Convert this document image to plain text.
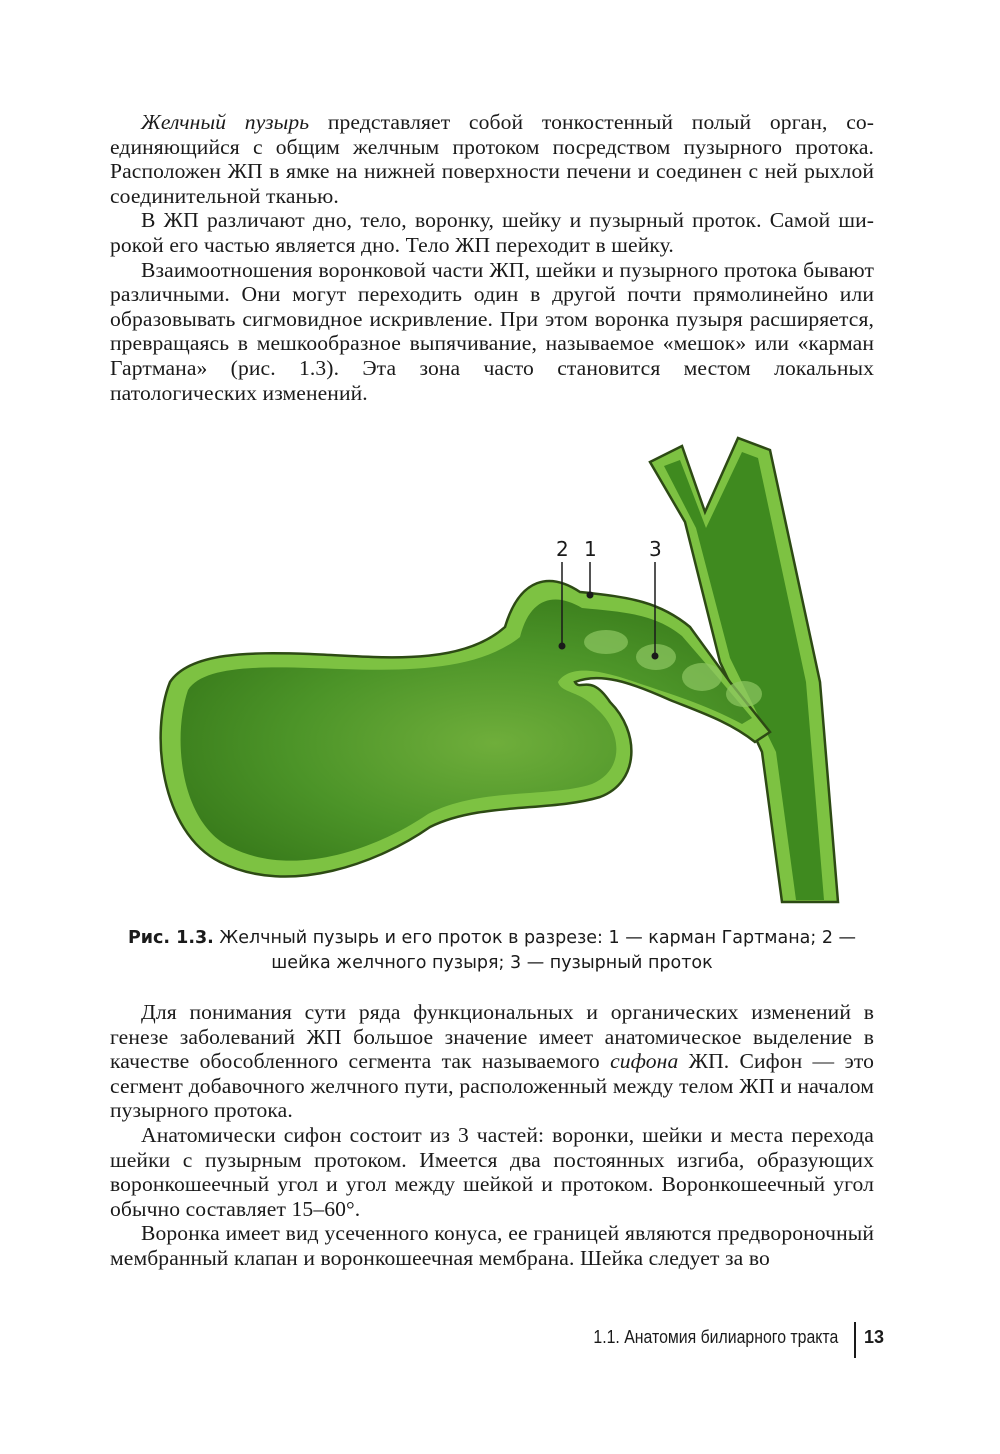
Желчный пузырь представляет собой тонкостенный полый орган, соединяющийся с общим желчным протоком посредством пузырного протока. Расположен ЖП в ямке на нижней поверхности печени и соединен с ней рыхлой соединительной тканью.

В ЖП различают дно, тело, воронку, шейку и пузырный проток. Самой широкой его частью является дно. Тело ЖП переходит в шейку.

Взаимоотношения воронковой части ЖП, шейки и пузырного протока бывают различными. Они могут переходить один в другой почти прямолинейно или образовывать сигмовидное искривление. При этом воронка пузыря расширяется, превращаясь в мешкообразное выпячивание, называемое «мешок» или «карман Гартмана» (рис. 1.3). Эта зона часто становится местом локальных патологических изменений.

2 1	3
Рис. 1.3. Желчный пузырь и его проток в разрезе: 1 — карман Гартмана; 2 — шейка желчного пузыря; 3 — пузырный проток

Для понимания сути ряда функциональных и органических изменений в генезе заболеваний ЖП большое значение имеет анатомическое выделение в качестве обособленного сегмента так называемого сифона ЖП. Сифон — это сегмент добавочного желчного пути, расположенный между телом ЖП и началом пузырного протока.

Анатомически сифон состоит из 3 частей: воронки, шейки и места перехода шейки с пузырным протоком. Имеется два постоянных изгиба, образующих воронкошеечный угол и угол между шейкой и протоком. Воронкошеечный угол обычно составляет 15–60°.

Воронка имеет вид усеченного конуса, ее границей являются предвороночный мембранный клапан и воронкошеечная мембрана. Шейка следует за во

1.1. Анатомия билиарного тракта 13
